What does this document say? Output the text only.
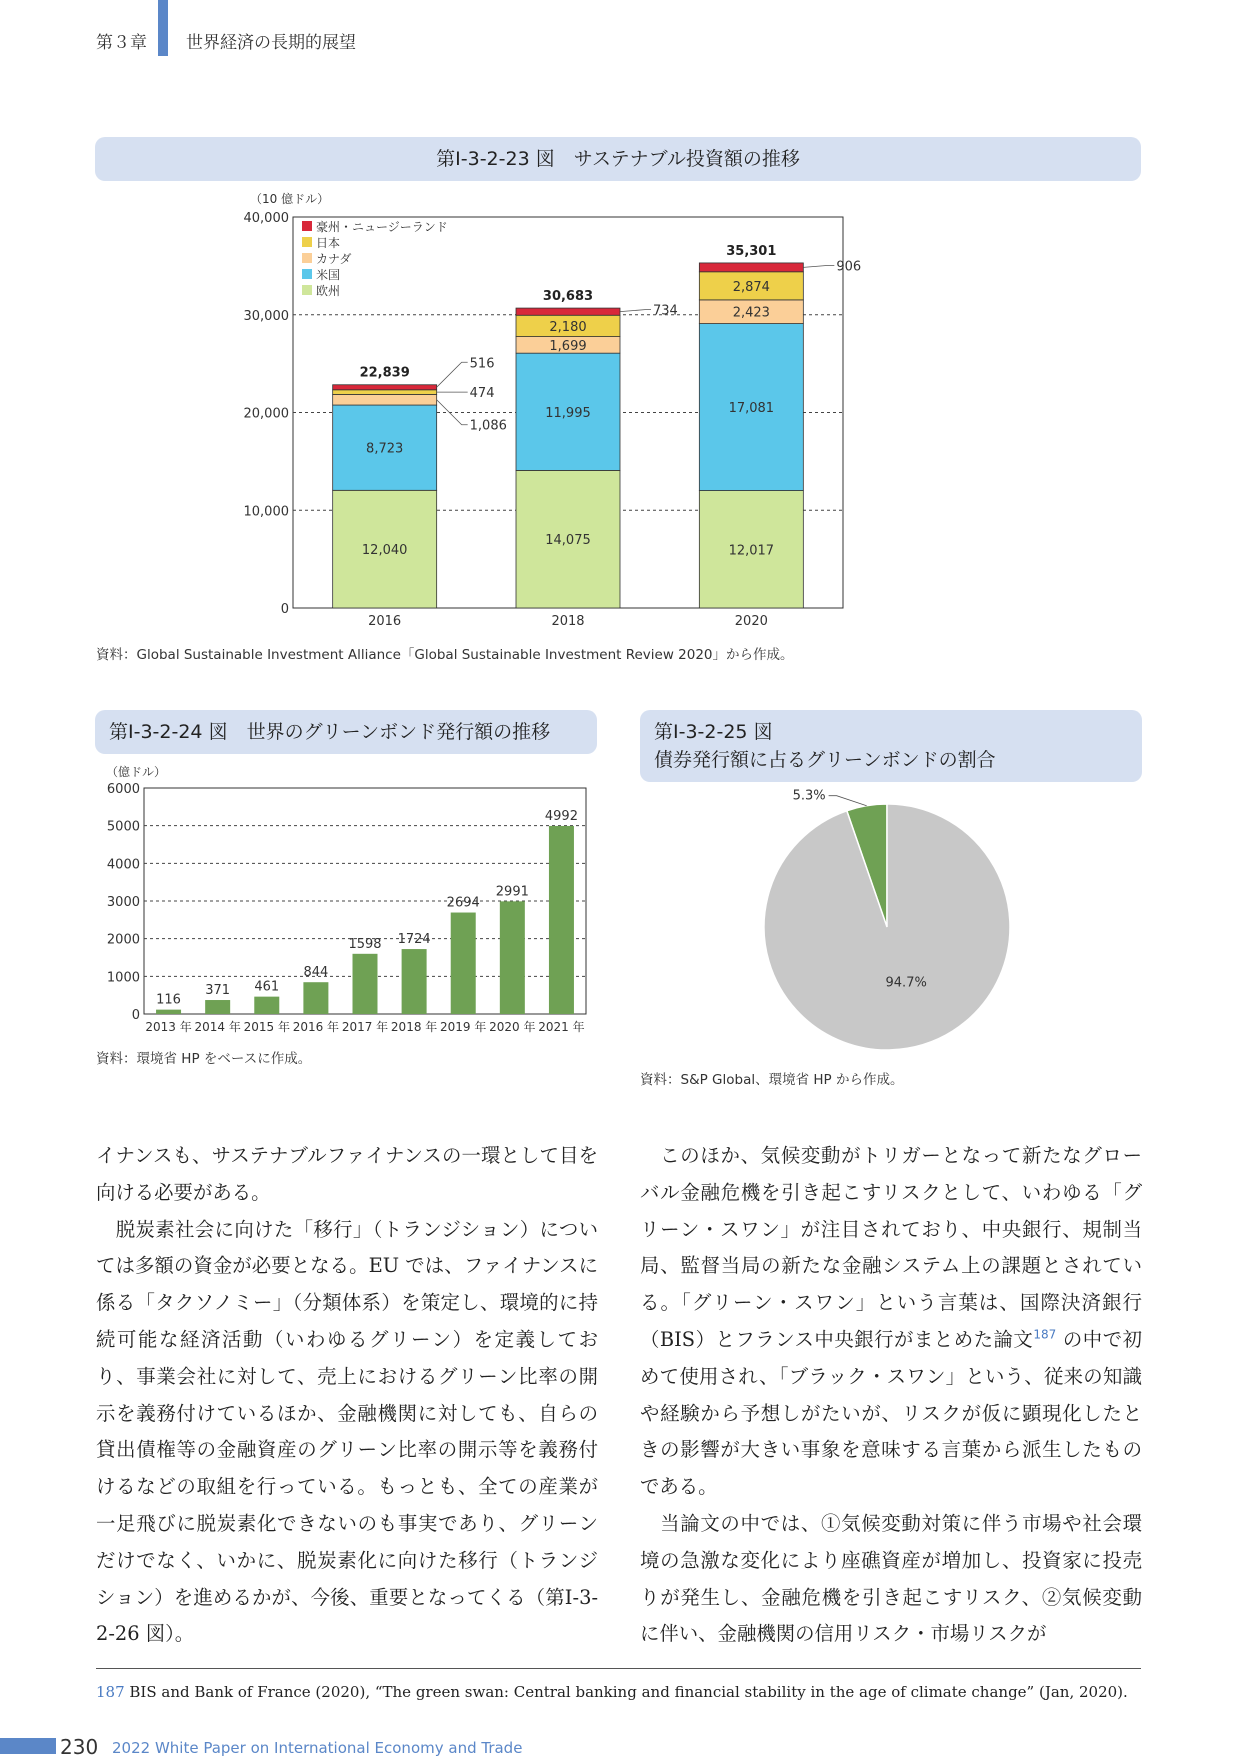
第３章 世界経済の長期的展望
第Ⅰ-3-2-23 図　サステナブル投資額の推移
（10 億ドル）
0
10,000
20,000
30,000
40,000
12,040
8,723
22,839
2016
1,086
474
516
14,075
11,995
1,699
2,180
30,683
2018
734
12,017
17,081
2,423
2,874
35,301
2020
906
豪州・ニュージーランド
日本
カナダ
米国
欧州
資料：Global Sustainable Investment Alliance「Global Sustainable Investment Review 2020」から作成。
第Ⅰ-3-2-24 図　世界のグリーンボンド発行額の推移
（億ドル）
0
1000
2000
3000
4000
5000
6000
116
2013 年
371
2014 年
461
2015 年
844
2016 年
1598
2017 年
1724
2018 年
2694
2019 年
2991
2020 年
4992
2021 年
資料：環境省 HP をベースに作成。
第Ⅰ-3-2-25 図
債券発行額に占るグリーンボンドの割合
5.3%
94.7%
資料：S&P Global、環境省 HP から作成。

イナンスも、サステナブルファイナンスの一環として目を向ける必要がある。

　脱炭素社会に向けた「移行」（トランジション）については多額の資金が必要となる。EU では、ファイナンスに係る「タクソノミー」（分類体系）を策定し、環境的に持続可能な経済活動（いわゆるグリーン）を定義しており、事業会社に対して、売上におけるグリーン比率の開示を義務付けているほか、金融機関に対しても、自らの貸出債権等の金融資産のグリーン比率の開示等を義務付けるなどの取組を行っている。もっとも、全ての産業が一足飛びに脱炭素化できないのも事実であり、グリーンだけでなく、いかに、脱炭素化に向けた移行（トランジション）を進めるかが、今後、重要となってくる（第Ⅰ-3-2-26 図）。

　このほか、気候変動がトリガーとなって新たなグローバル金融危機を引き起こすリスクとして、いわゆる「グリーン・スワン」が注目されており、中央銀行、規制当局、監督当局の新たな金融システム上の課題とされている。「グリーン・スワン」という言葉は、国際決済銀行（BIS）とフランス中央銀行がまとめた論文$^{187}$ の中で初めて使用され、「ブラック・スワン」という、従来の知識や経験から予想しがたいが、リスクが仮に顕現化したときの影響が大きい事象を意味する言葉から派生したものである。

　当論文の中では、①気候変動対策に伴う市場や社会環境の急激な変化により座礁資産が増加し、投資家に投売りが発生し、金融危機を引き起こすリスク、②気候変動に伴い、金融機関の信用リスク・市場リスクが

187 BIS and Bank of France (2020), “The green swan: Central banking and financial stability in the age of climate change” (Jan, 2020).
230 2022 White Paper on International Economy and Trade
